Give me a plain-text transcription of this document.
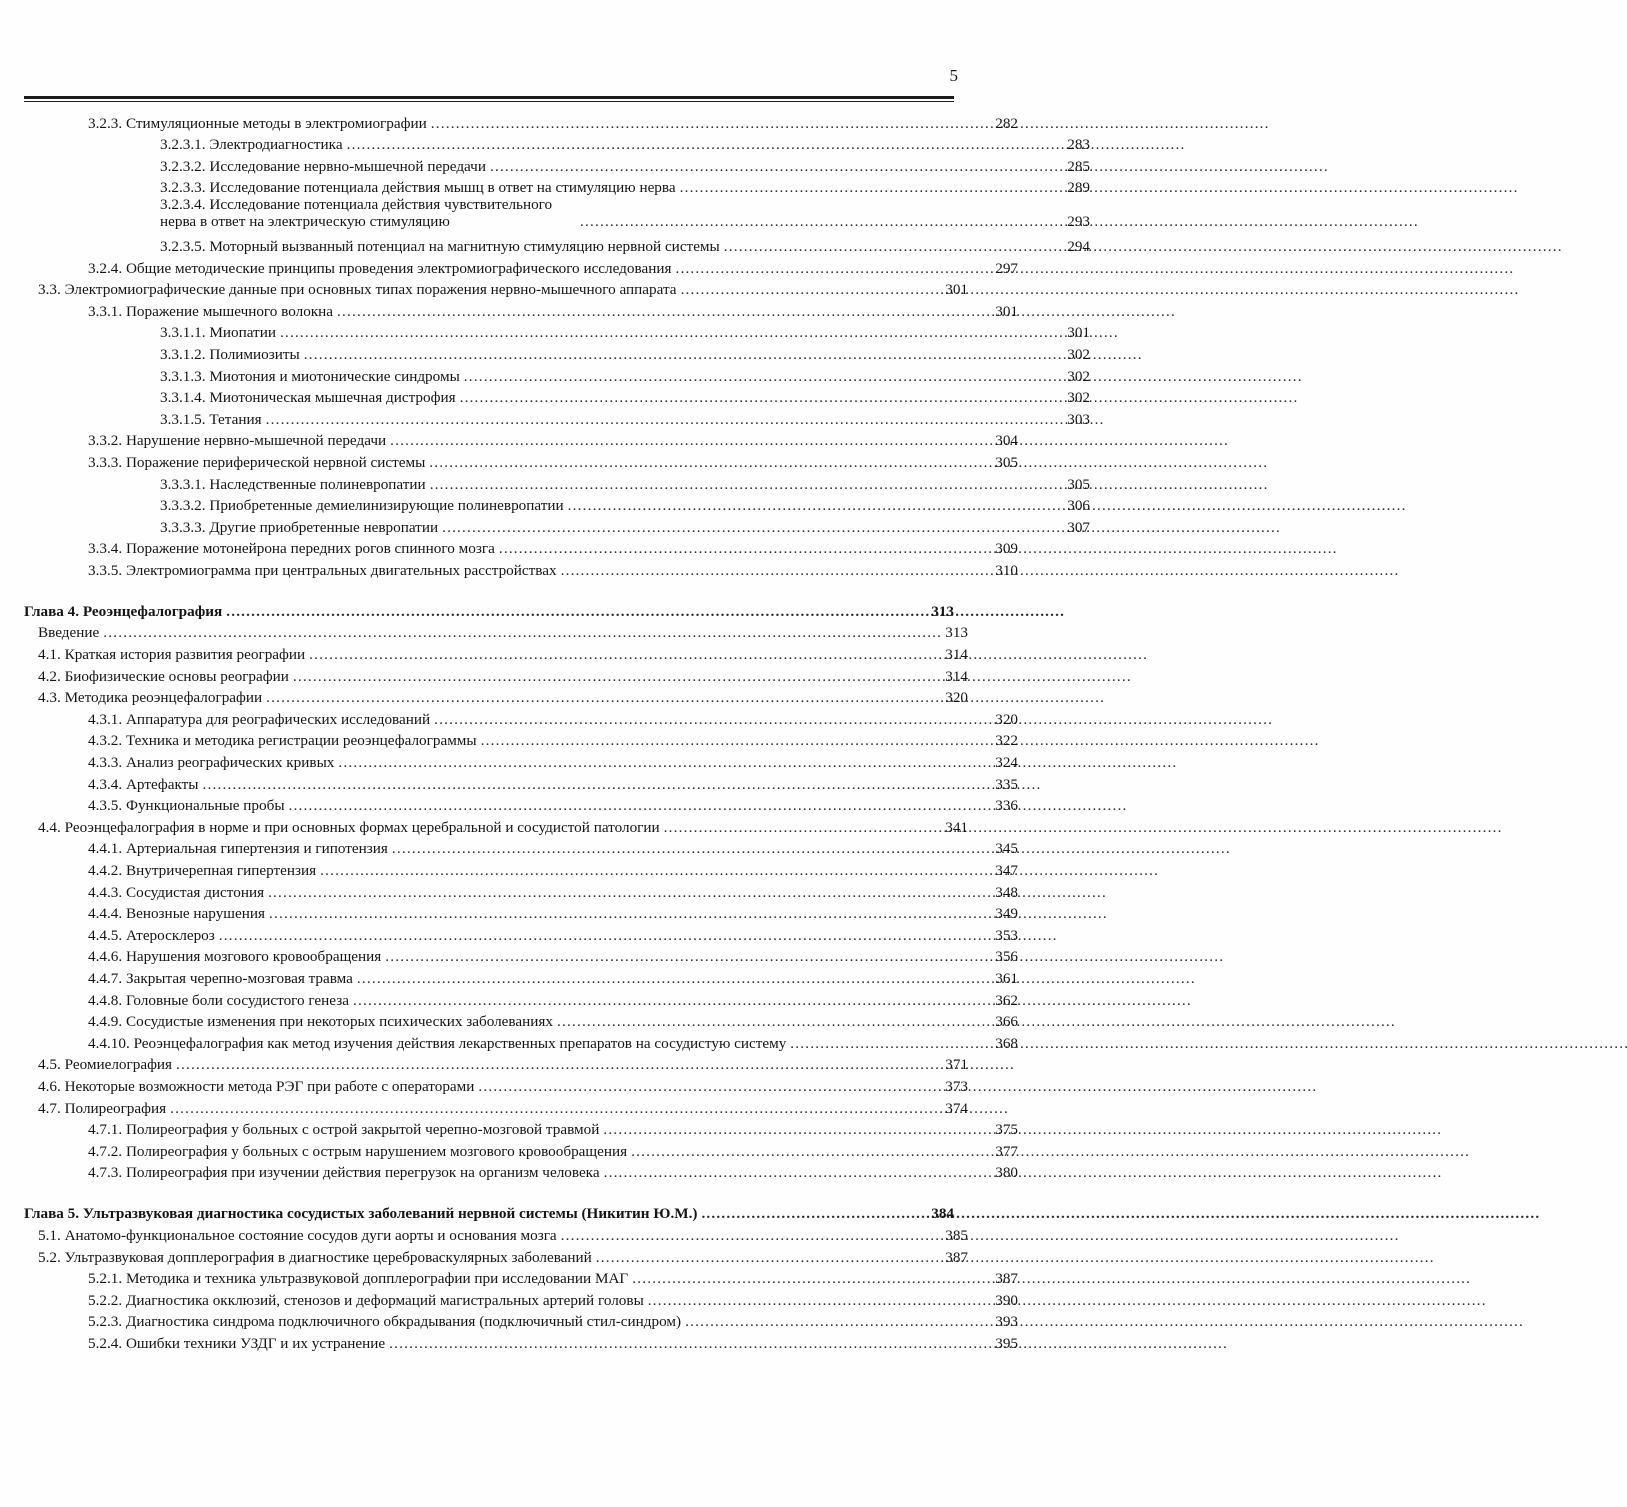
5
3.2.3. Стимуляционные методы в электромиографии . . .	282
3.2.3.1. Электродиагностика . . .	283
3.2.3.2. Исследование нервно-мышечной передачи . . .	285
3.2.3.3. Исследование потенциала действия мышц в ответ на стимуляцию нерва . . .	289
3.2.3.4. Исследование потенциала действия чувствительного нерва в ответ на электрическую стимуляцию . . .	293
3.2.3.5. Моторный вызванный потенциал на магнитную стимуляцию нервной системы . . .	294
3.2.4. Общие методические принципы проведения электромиографического исследования . . .	297
3.3. Электромиографические данные при основных типах поражения нервно-мышечного аппарата . . .	301
3.3.1. Поражение мышечного волокна . . .	301
3.3.1.1. Миопатии . . .	301
3.3.1.2. Полимиозиты . . .	302
3.3.1.3. Миотония и миотонические синдромы . . .	302
3.3.1.4. Миотоническая мышечная дистрофия . . .	302
3.3.1.5. Тетания . . .	303
3.3.2. Нарушение нервно-мышечной передачи . . .	304
3.3.3. Поражение периферической нервной системы . . .	305
3.3.3.1. Наследственные полиневропатии . . .	305
3.3.3.2. Приобретенные демиелинизирующие полиневропатии . . .	306
3.3.3.3. Другие приобретенные невропатии . . .	307
3.3.4. Поражение мотонейрона передних рогов спинного мозга . . .	309
3.3.5. Электромиограмма при центральных двигательных расстройствах . . .	310
Глава 4. Реоэнцефалография . . .	313
Введение . . .	313
4.1. Краткая история развития реографии . . .	314
4.2. Биофизические основы реографии . . .	314
4.3. Методика реоэнцефалографии . . .	320
4.3.1. Аппаратура для реографических исследований . . .	320
4.3.2. Техника и методика регистрации реоэнцефалограммы . . .	322
4.3.3. Анализ реографических кривых . . .	324
4.3.4. Артефакты . . .	335
4.3.5. Функциональные пробы . . .	336
4.4. Реоэнцефалография в норме и при основных формах церебральной и сосудистой патологии . . .	341
4.4.1. Артериальная гипертензия и гипотензия . . .	345
4.4.2. Внутричерепная гипертензия . . .	347
4.4.3. Сосудистая дистония . . .	348
4.4.4. Венозные нарушения . . .	349
4.4.5. Атеросклероз . . .	353
4.4.6. Нарушения мозгового кровообращения . . .	356
4.4.7. Закрытая черепно-мозговая травма . . .	361
4.4.8. Головные боли сосудистого генеза . . .	362
4.4.9. Сосудистые изменения при некоторых психических заболеваниях . . .	366
4.4.10. Реоэнцефалография как метод изучения действия лекарственных препаратов на сосудистую систему . . .	368
4.5. Реомиелография . . .	371
4.6. Некоторые возможности метода РЭГ при работе с операторами . . .	373
4.7. Полиреография . . .	374
4.7.1. Полиреография у больных с острой закрытой черепно-мозговой травмой . . .	375
4.7.2. Полиреография у больных с острым нарушением мозгового кровообращения . . .	377
4.7.3. Полиреография при изучении действия перегрузок на организм человека . . .	380
Глава 5. Ультразвуковая диагностика сосудистых заболеваний нервной системы (Никитин Ю.М.) . . .	384
5.1. Анатомо-функциональное состояние сосудов дуги аорты и основания мозга . . .	385
5.2. Ультразвуковая допплерография в диагностике цереброваскулярных заболеваний . . .	387
5.2.1. Методика и техника ультразвуковой допплерографии при исследовании МАГ . . .	387
5.2.2. Диагностика окклюзий, стенозов и деформаций магистральных артерий головы . . .	390
5.2.3. Диагностика синдрома подключичного обкрадывания (подключичный стил-синдром) . . .	393
5.2.4. Ошибки техники УЗДГ и их устранение . . .	395
